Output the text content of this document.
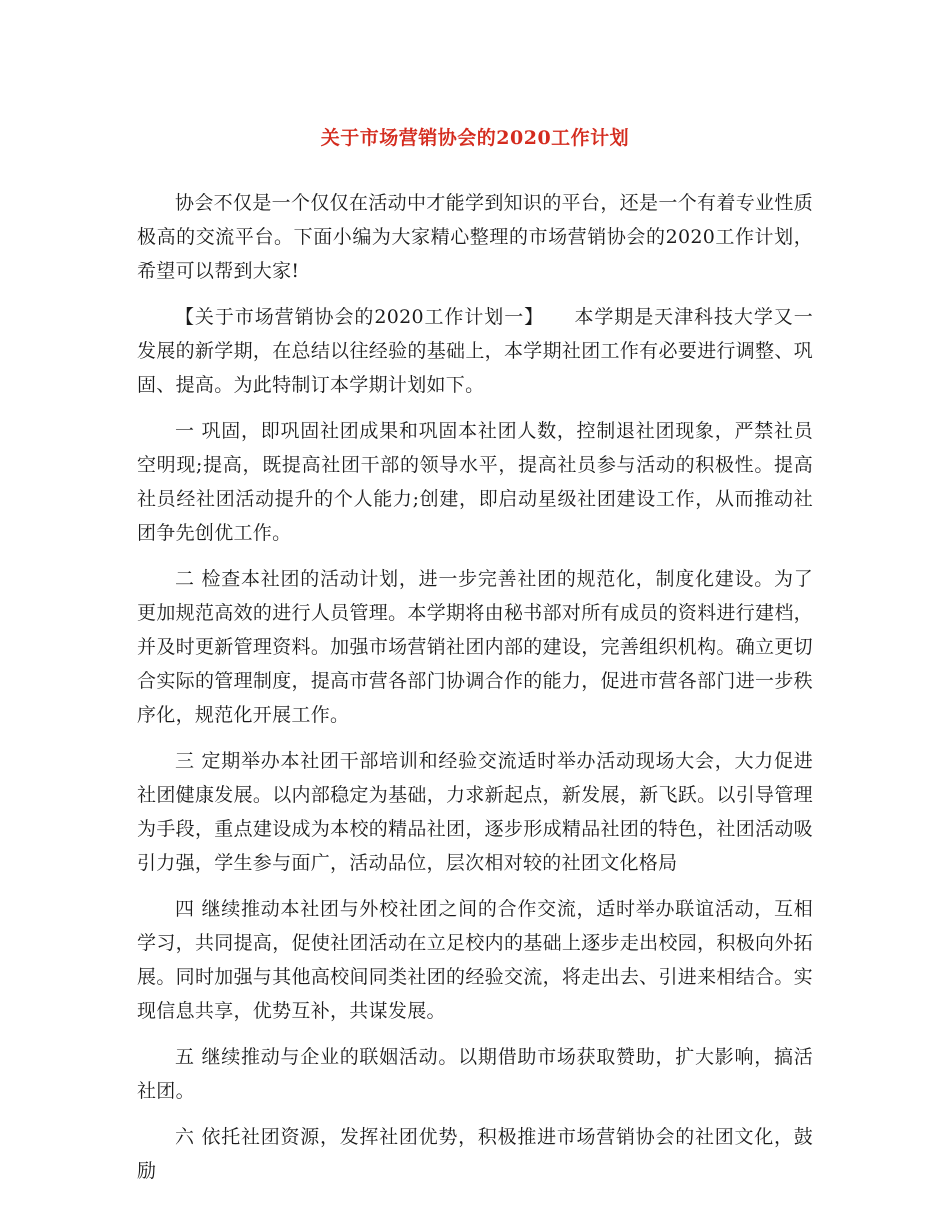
关于市场营销协会的2020工作计划

协会不仅是一个仅仅在活动中才能学到知识的平台，还是一个有着专业性质极高的交流平台。下面小编为大家精心整理的市场营销协会的2020工作计划，希望可以帮到大家!

【关于市场营销协会的2020工作计划一】　　本学期是天津科技大学又一发展的新学期，在总结以往经验的基础上，本学期社团工作有必要进行调整、巩固、提高。为此特制订本学期计划如下。

一 巩固，即巩固社团成果和巩固本社团人数，控制退社团现象，严禁社员空明现;提高，既提高社团干部的领导水平，提高社员参与活动的积极性。提高社员经社团活动提升的个人能力;创建，即启动星级社团建设工作，从而推动社团争先创优工作。

二 检查本社团的活动计划，进一步完善社团的规范化，制度化建设。为了更加规范高效的进行人员管理。本学期将由秘书部对所有成员的资料进行建档，并及时更新管理资料。加强市场营销社团内部的建设，完善组织机构。确立更切合实际的管理制度，提高市营各部门协调合作的能力，促进市营各部门进一步秩序化，规范化开展工作。

三 定期举办本社团干部培训和经验交流适时举办活动现场大会，大力促进社团健康发展。以内部稳定为基础，力求新起点，新发展，新飞跃。以引导管理为手段，重点建设成为本校的精品社团，逐步形成精品社团的特色，社团活动吸引力强，学生参与面广，活动品位，层次相对较的社团文化格局

四 继续推动本社团与外校社团之间的合作交流，适时举办联谊活动，互相学习，共同提高，促使社团活动在立足校内的基础上逐步走出校园，积极向外拓展。同时加强与其他高校间同类社团的经验交流，将走出去、引进来相结合。实现信息共享，优势互补，共谋发展。

五 继续推动与企业的联姻活动。以期借助市场获取赞助，扩大影响，搞活社团。

六 依托社团资源，发挥社团优势，积极推进市场营销协会的社团文化，鼓励
